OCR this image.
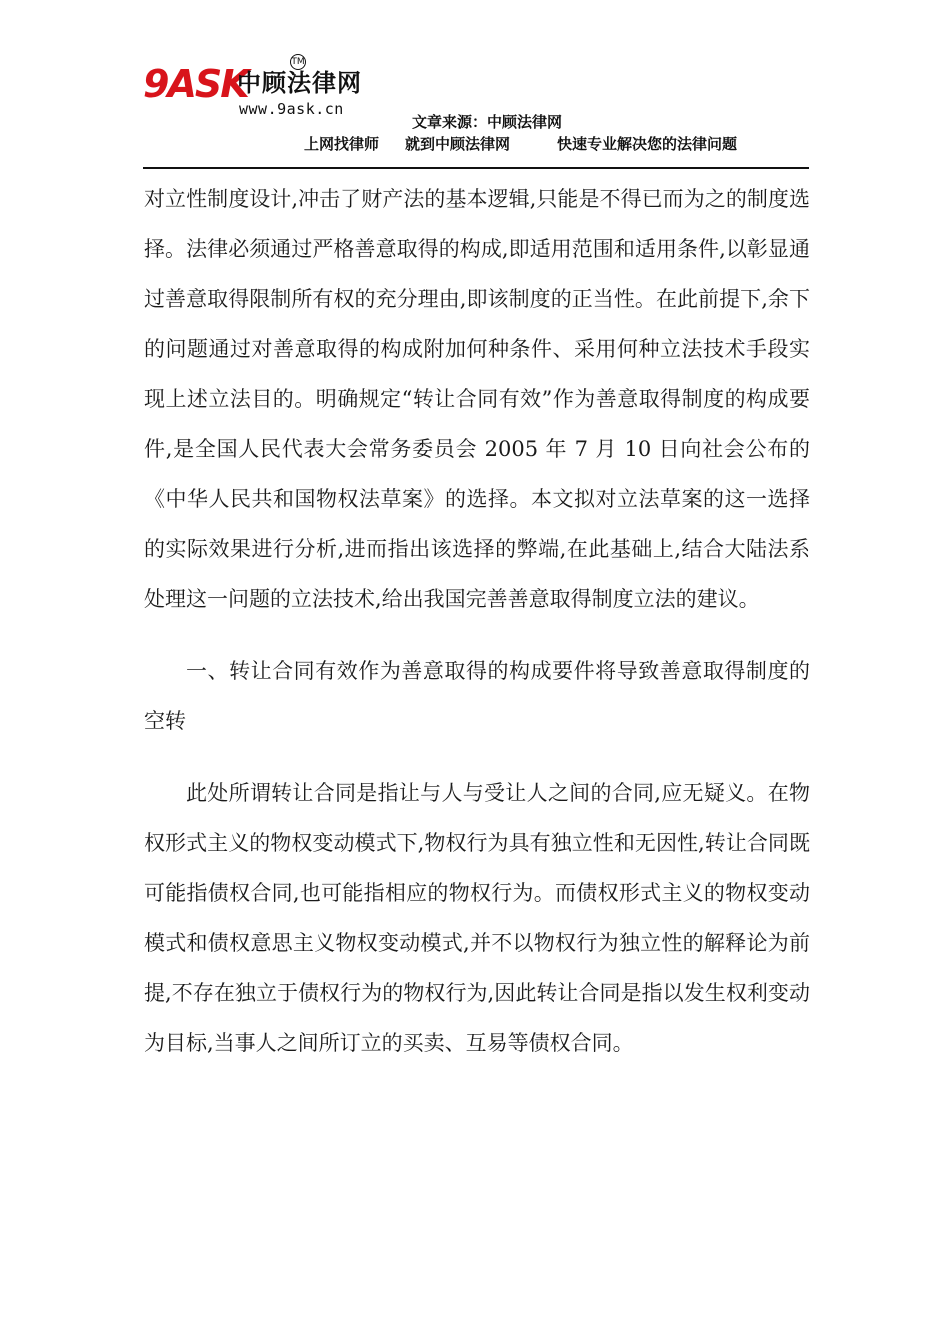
9ASK
中顾法律网
TM
www.9ask.cn
文章来源：中顾法律网
上网找律师 就到中顾法律网	快速专业解决您的法律问题

对立性制度设计,冲击了财产法的基本逻辑,只能是不得已而为之的制度选择。法律必须通过严格善意取得的构成,即适用范围和适用条件,以彰显通过善意取得限制所有权的充分理由,即该制度的正当性。在此前提下,余下的问题通过对善意取得的构成附加何种条件、采用何种立法技术手段实现上述立法目的。明确规定“转让合同有效”作为善意取得制度的构成要件,是全国人民代表大会常务委员会 2005 年 7 月 10 日向社会公布的《中华人民共和国物权法草案》的选择。本文拟对立法草案的这一选择的实际效果进行分析,进而指出该选择的弊端,在此基础上,结合大陆法系处理这一问题的立法技术,给出我国完善善意取得制度立法的建议。

一、转让合同有效作为善意取得的构成要件将导致善意取得制度的空转

此处所谓转让合同是指让与人与受让人之间的合同,应无疑义。在物权形式主义的物权变动模式下,物权行为具有独立性和无因性,转让合同既可能指债权合同,也可能指相应的物权行为。而债权形式主义的物权变动模式和债权意思主义物权变动模式,并不以物权行为独立性的解释论为前提,不存在独立于债权行为的物权行为,因此转让合同是指以发生权利变动为目标,当事人之间所订立的买卖、互易等债权合同。
